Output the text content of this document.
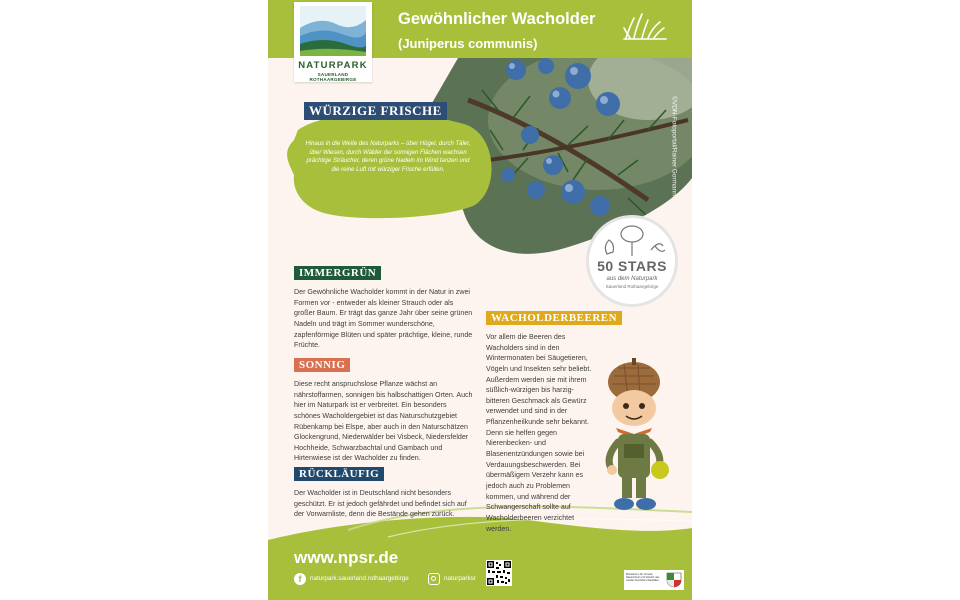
©VDN-Fotoportal/Rainer Gormann
NATURPARK
SAUERLAND ROTHAARGEBIRGE
Gewöhnlicher Wacholder
(Juniperus communis)
WÜRZIGE FRISCHE
Hinaus in die Weite des Naturparks – über Hügel, durch Täler, über Wiesen, durch Wälder der sonnigen Flächen wachsen prächtige Sträucher, deren grüne Nadeln im Wind tanzen und die reine Luft mit würziger Frische erfüllen.
50 STARS
aus dem Naturpark
Sauerland Rothaargebirge
IMMERGRÜN
Der Gewöhnliche Wacholder kommt in der Natur in zwei Formen vor - entweder als kleiner Strauch oder als großer Baum. Er trägt das ganze Jahr über seine grünen Nadeln und trägt im Sommer wunderschöne, zapfenförmige Blüten und später prächtige, kleine, runde Früchte.
SONNIG
Diese recht anspruchslose Pflanze wächst an nährstoffarmen, sonnigen bis halbschattigen Orten. Auch hier im Naturpark ist er verbreitet. Ein besonders schönes Wacholdergebiet ist das Naturschutzgebiet Rübenkamp bei Elspe, aber auch in den Naturschätzen Glockengrund, Niederwälder bei Visbeck, Niedersfelder Hochheide, Schwarzbachtal und Gambach und Hirtenwiese ist der Wacholder zu finden.
RÜCKLÄUFIG
Der Wacholder ist in Deutschland nicht besonders geschützt. Er ist jedoch gefährdet und befindet sich auf der Vorwarnliste, denn die Bestände gehen zurück.
WACHOLDERBEEREN
Vor allem die Beeren des Wacholders sind in den Wintermonaten bei Säugetieren, Vögeln und Insekten sehr beliebt. Außerdem werden sie mit ihrem süßlich-würzigen bis harzig-bitteren Geschmack als Gewürz verwendet und sind in der Pflanzenheilkunde sehr bekannt. Denn sie helfen gegen Nierenbecken- und Blasenentzündungen sowie bei Verdauungsbeschwerden. Bei übermäßigem Verzehr kann es jedoch auch zu Problemen kommen, und während der Schwangerschaft sollte auf Wacholderbeeren verzichtet werden.
www.npsr.de
f	naturpark.sauerland.rothaargebirge	naturparksr
Ministerium für Umwelt, Naturschutz und Verkehr des Landes Nordrhein-Westfalen
